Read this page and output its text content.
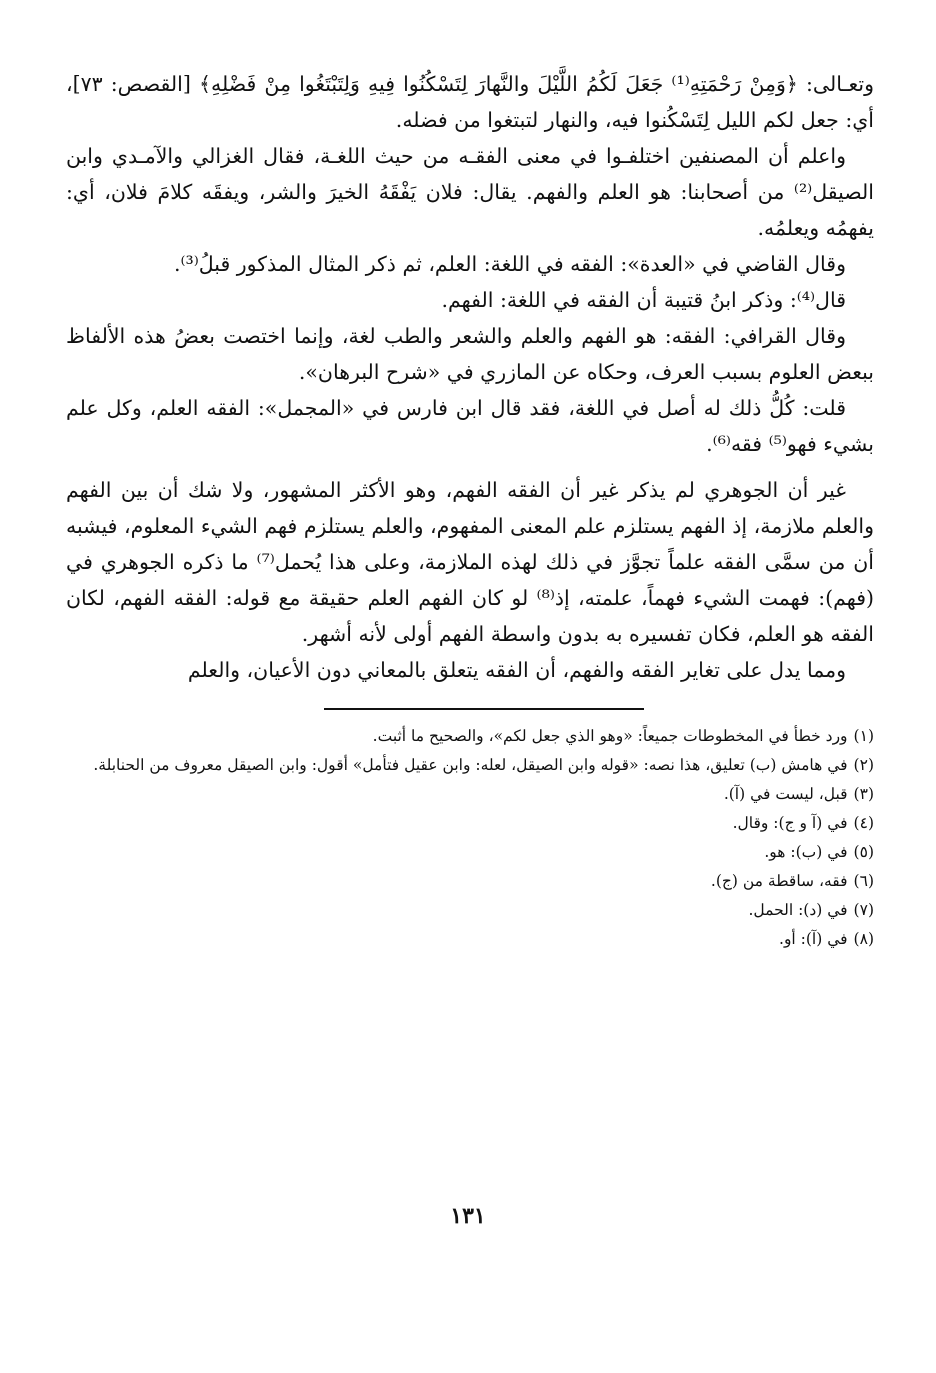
وتعـالى: ﴿وَمِنْ رَحْمَتِهِ⁽¹⁾ جَعَلَ لَكُمُ اللَّيْلَ والنَّهارَ لِتَسْكُنُوا فِيهِ وَلِتَبْتَغُوا مِنْ فَضْلِهِ﴾ [القصص: ٧٣]، أي: جعل لكم الليل لِتَسْكُنوا فيه، والنهار لتبتغوا من فضله.

واعلم أن المصنفين اختلفـوا في معنى الفقـه من حيث اللغـة، فقال الغزالي والآمـدي وابن الصيقل⁽²⁾ من أصحابنا: هو العلم والفهم. يقال: فلان يَفْقَهُ الخيرَ والشر، ويفقَه كلامَ فلان، أي: يفهمُه ويعلمُه.

وقال القاضي في «العدة»: الفقه في اللغة: العلم، ثم ذكر المثال المذكور قبلُ⁽³⁾.

قال⁽⁴⁾: وذكر ابنُ قتيبة أن الفقه في اللغة: الفهم.

وقال القرافي: الفقه: هو الفهم والعلم والشعر والطب لغة، وإنما اختصت بعضُ هذه الألفاظ ببعض العلوم بسبب العرف، وحكاه عن المازري في «شرح البرهان».

قلت: كُلُّ ذلك له أصل في اللغة، فقد قال ابن فارس في «المجمل»: الفقه العلم، وكل علم بشيء فهو⁽⁵⁾ فقه⁽⁶⁾.

غير أن الجوهري لم يذكر غير أن الفقه الفهم، وهو الأكثر المشهور، ولا شك أن بين الفهم والعلم ملازمة، إذ الفهم يستلزم علم المعنى المفهوم، والعلم يستلزم فهم الشيء المعلوم، فيشبه أن من سمَّى الفقه علماً تجوَّز في ذلك لهذه الملازمة، وعلى هذا يُحمل⁽⁷⁾ ما ذكره الجوهري في (فهم): فهمت الشيء فهماً، علمته، إذ⁽⁸⁾ لو كان الفهم العلم حقيقة مع قوله: الفقه الفهم، لكان الفقه هو العلم، فكان تفسيره به بدون واسطة الفهم أولى لأنه أشهر.

ومما يدل على تغاير الفقه والفهم، أن الفقه يتعلق بالمعاني دون الأعيان، والعلم

(١)ورد خطأ في المخطوطات جميعاً: «وهو الذي جعل لكم»، والصحيح ما أثبت.

(٢)في هامش (ب) تعليق، هذا نصه: «قوله وابن الصيقل، لعله: وابن عقيل فتأمل» أقول: وابن الصيقل معروف من الحنابلة.

(٣)قبل، ليست في (آ).

(٤)في (آ و ج): وقال.

(٥)في (ب): هو.

(٦)فقه، ساقطة من (ج).

(٧)في (د): الحمل.

(٨)في (آ): أو.

١٣١
